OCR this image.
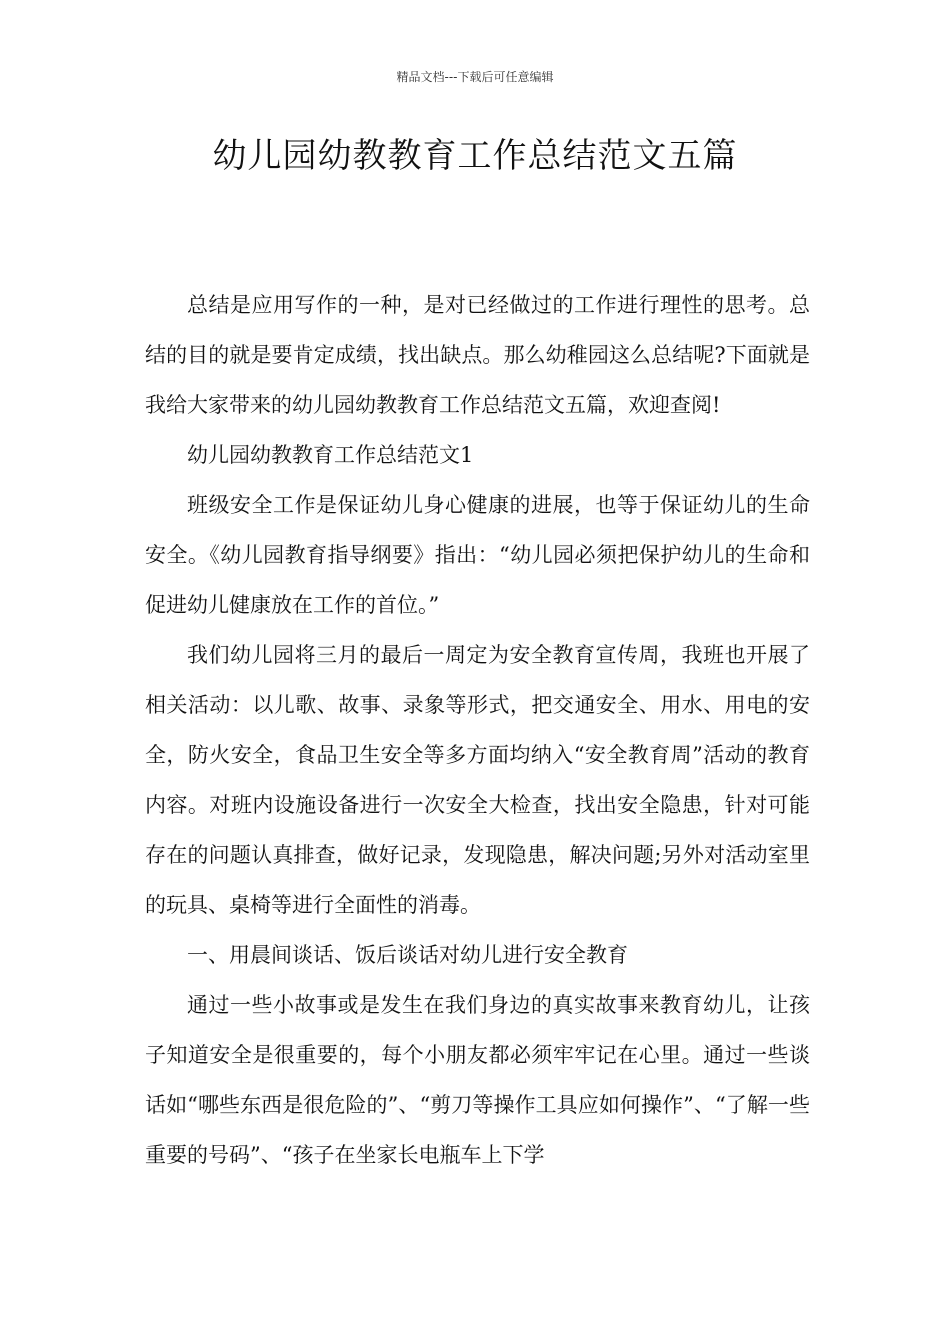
精品文档---下载后可任意编辑
幼儿园幼教教育工作总结范文五篇

总结是应用写作的一种，是对已经做过的工作进行理性的思考。总结的目的就是要肯定成绩，找出缺点。那么幼稚园这么总结呢?下面就是我给大家带来的幼儿园幼教教育工作总结范文五篇，欢迎查阅!

幼儿园幼教教育工作总结范文1

班级安全工作是保证幼儿身心健康的进展，也等于保证幼儿的生命安全。《幼儿园教育指导纲要》指出：“幼儿园必须把保护幼儿的生命和促进幼儿健康放在工作的首位。”

我们幼儿园将三月的最后一周定为安全教育宣传周，我班也开展了相关活动：以儿歌、故事、录象等形式，把交通安全、用水、用电的安全，防火安全，食品卫生安全等多方面均纳入“安全教育周”活动的教育内容。对班内设施设备进行一次安全大检查，找出安全隐患，针对可能存在的问题认真排查，做好记录，发现隐患，解决问题;另外对活动室里的玩具、桌椅等进行全面性的消毒。

一、用晨间谈话、饭后谈话对幼儿进行安全教育

通过一些小故事或是发生在我们身边的真实故事来教育幼儿，让孩子知道安全是很重要的，每个小朋友都必须牢牢记在心里。通过一些谈话如“哪些东西是很危险的”、“剪刀等操作工具应如何操作”、“了解一些重要的号码”、“孩子在坐家长电瓶车上下学
